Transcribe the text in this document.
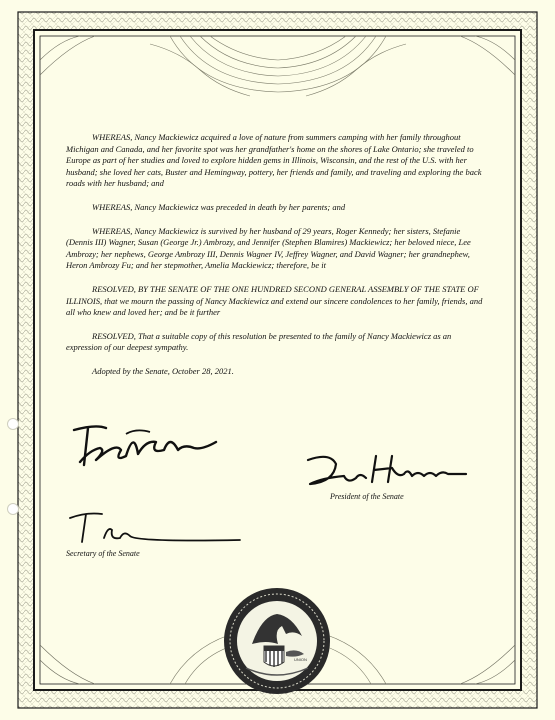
WHEREAS, Nancy Mackiewicz acquired a love of nature from summers camping with her family throughout Michigan and Canada, and her favorite spot was her grandfather's home on the shores of Lake Ontario; she traveled to Europe as part of her studies and loved to explore hidden gems in Illinois, Wisconsin, and the rest of the U.S. with her husband; she loved her cats, Buster and Hemingway, pottery, her friends and family, and traveling and exploring the back roads with her husband; and

WHEREAS, Nancy Mackiewicz was preceded in death by her parents; and

WHEREAS, Nancy Mackiewicz is survived by her husband of 29 years, Roger Kennedy; her sisters, Stefanie (Dennis III) Wagner, Susan (George Jr.) Ambrozy, and Jennifer (Stephen Blamires) Mackiewicz; her beloved niece, Lee Ambrozy; her nephews, George Ambrozy III, Dennis Wagner IV, Jeffrey Wagner, and David Wagner; her grandnephew, Heron Ambrozy Fu; and her stepmother, Amelia Mackiewicz; therefore, be it

RESOLVED, BY THE SENATE OF THE ONE HUNDRED SECOND GENERAL ASSEMBLY OF THE STATE OF ILLINOIS, that we mourn the passing of Nancy Mackiewicz and extend our sincere condolences to her family, friends, and all who knew and loved her; and be it further

RESOLVED, That a suitable copy of this resolution be presented to the family of Nancy Mackiewicz as an expression of our deepest sympathy.

Adopted by the Senate, October 28, 2021.

President of the Senate
Secretary of the Senate
UNION
